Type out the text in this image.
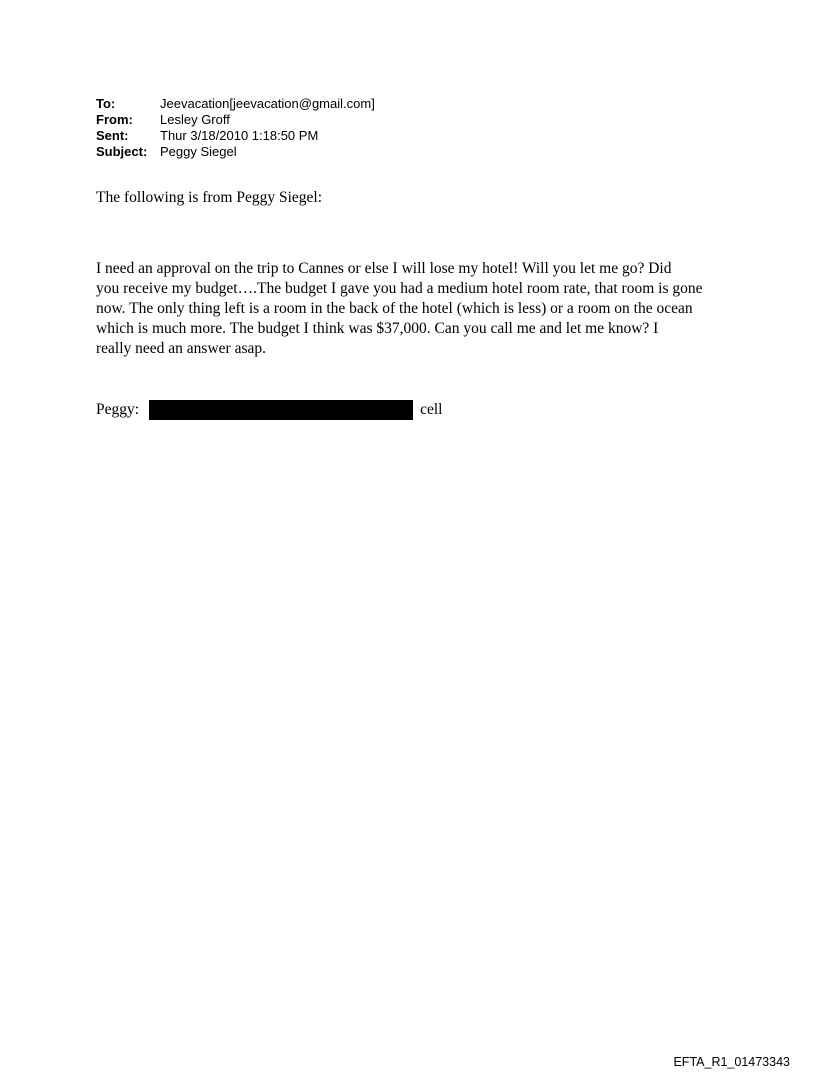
To:	Jeevacation[jeevacation@gmail.com]
From:	Lesley Groff
Sent:	Thur 3/18/2010 1:18:50 PM
Subject: Peggy Siegel
The following is from Peggy Siegel:
I need an approval on the trip to Cannes or else I will lose my hotel! Will you let me go? Did
you receive my budget….The budget I gave you had a medium hotel room rate, that room is gone
now. The only thing left is a room in the back of the hotel (which is less) or a room on the ocean
which is much more. The budget I think was $37,000. Can you call me and let me know? I
really need an answer asap.
Peggy:	cell
EFTA_R1_01473343
